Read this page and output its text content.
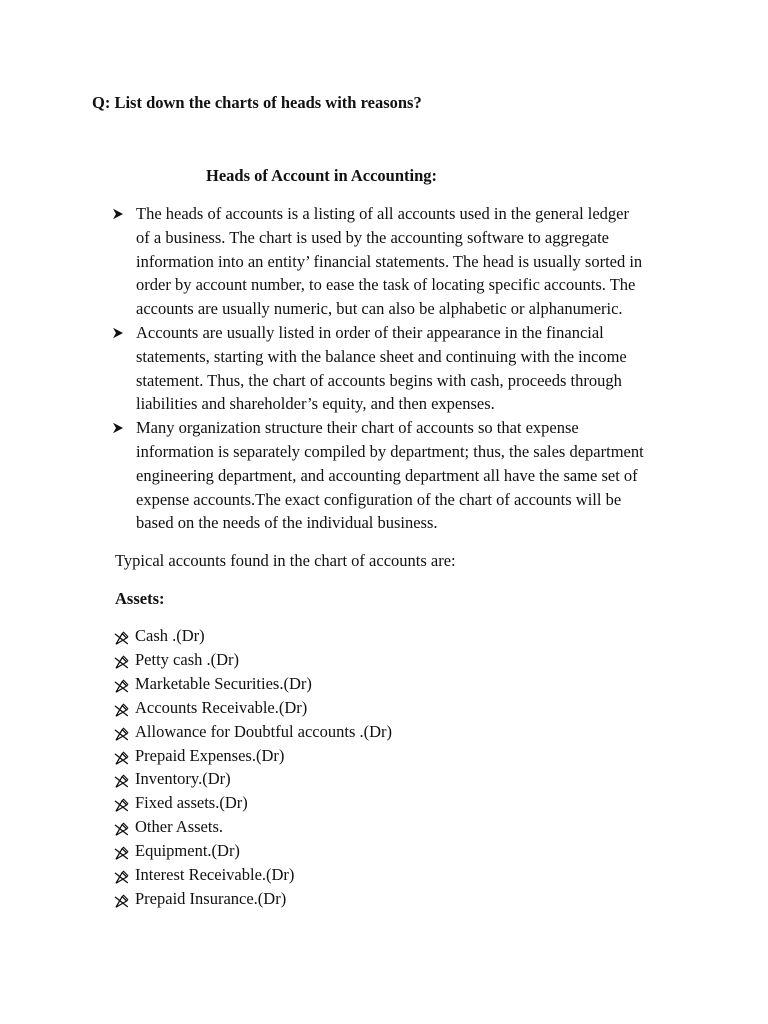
Q: List down the charts of heads with reasons?
Heads of Account in Accounting:
The heads of accounts is a listing of all accounts used in the general ledger
of a business. The chart is used by the accounting software to aggregate
information into an entity’ financial statements. The head is usually sorted in
order by account number, to ease the task of locating specific accounts. The
accounts are usually numeric, but can also be alphabetic or alphanumeric.
Accounts are usually listed in order of their appearance in the financial
statements, starting with the balance sheet and continuing with the income
statement. Thus, the chart of accounts begins with cash, proceeds through
liabilities and shareholder’s equity, and then expenses.
Many organization structure their chart of accounts so that expense
information is separately compiled by department; thus, the sales department
engineering department, and accounting department all have the same set of
expense accounts.The exact configuration of the chart of accounts will be
based on the needs of the individual business.
Typical accounts found in the chart of accounts are:
Assets:
Cash .(Dr)
Petty cash .(Dr)
Marketable Securities.(Dr)
Accounts Receivable.(Dr)
Allowance for Doubtful accounts .(Dr)
Prepaid Expenses.(Dr)
Inventory.(Dr)
Fixed assets.(Dr)
Other Assets.
Equipment.(Dr)
Interest Receivable.(Dr)
Prepaid Insurance.(Dr)
